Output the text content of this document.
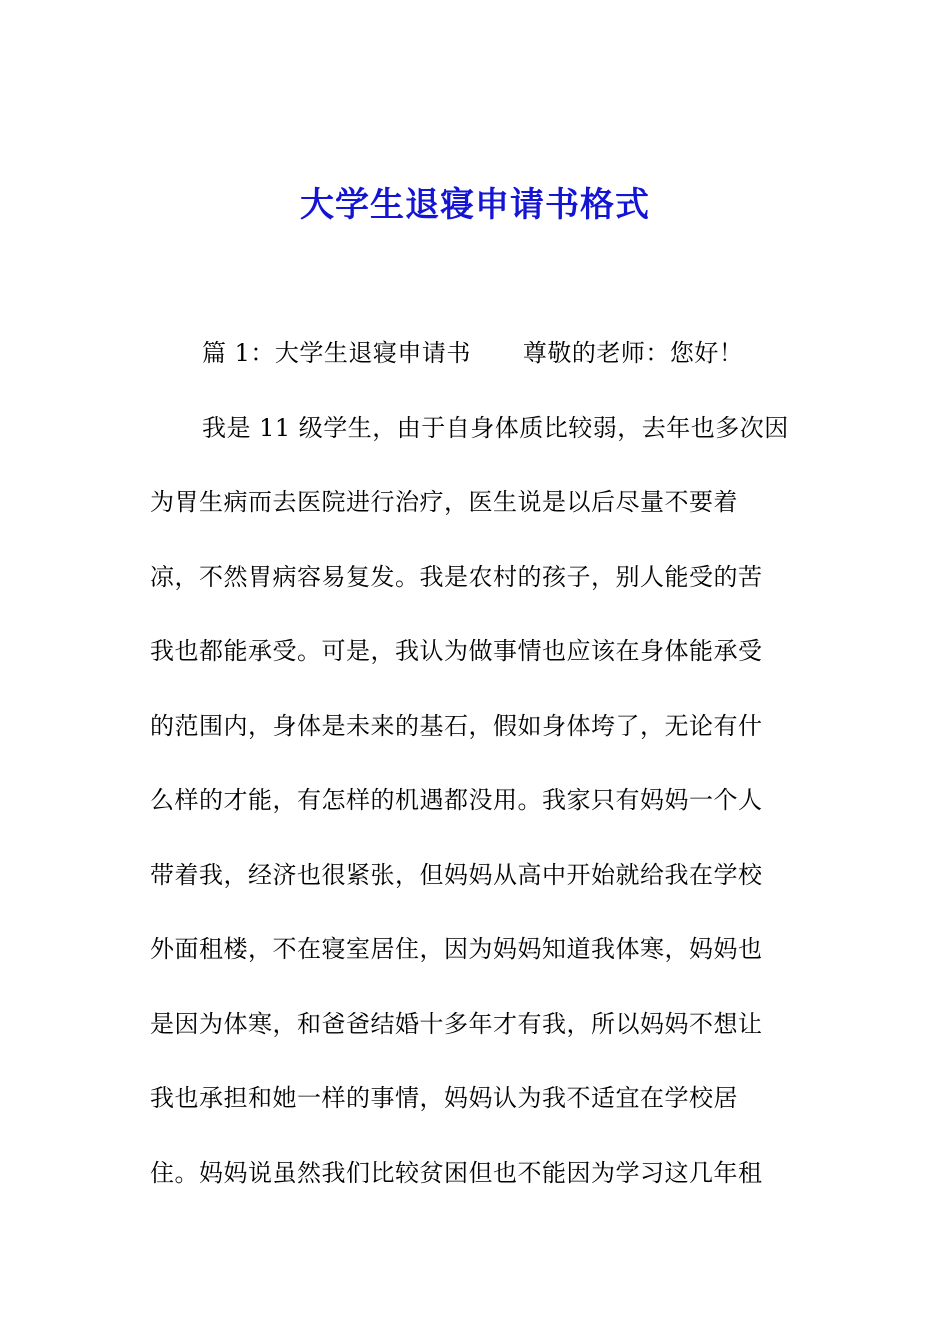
大学生退寝申请书格式
篇 1：大学生退寝申请书 尊敬的老师：您好！
我是 11 级学生，由于自身体质比较弱，去年也多次因
为胃生病而去医院进行治疗，医生说是以后尽量不要着
凉，不然胃病容易复发。我是农村的孩子，别人能受的苦
我也都能承受。可是，我认为做事情也应该在身体能承受
的范围内，身体是未来的基石，假如身体垮了，无论有什
么样的才能，有怎样的机遇都没用。我家只有妈妈一个人
带着我，经济也很紧张，但妈妈从高中开始就给我在学校
外面租楼，不在寝室居住，因为妈妈知道我体寒，妈妈也
是因为体寒，和爸爸结婚十多年才有我，所以妈妈不想让
我也承担和她一样的事情，妈妈认为我不适宜在学校居
住。妈妈说虽然我们比较贫困但也不能因为学习这几年租
